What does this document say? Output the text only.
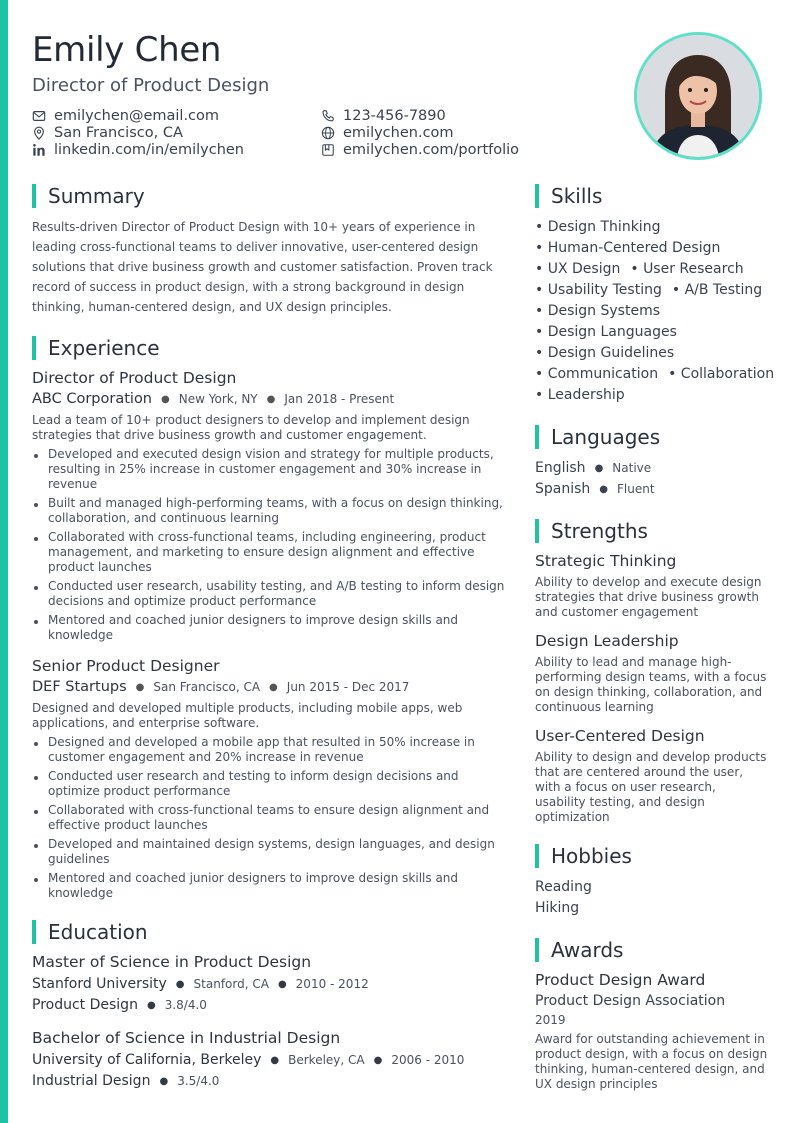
Emily Chen
Director of Product Design
emilychen@email.com	123-456-7890
San Francisco, CA	emilychen.com
linkedin.com/in/emilychen	emilychen.com/portfolio
Summary
Results-driven Director of Product Design with 10+ years of experience in leading cross-functional teams to deliver innovative, user-centered design solutions that drive business growth and customer satisfaction. Proven track record of success in product design, with a strong background in design thinking, human-centered design, and UX design principles.
Experience
Director of Product Design
ABC Corporation ● New York, NY ● Jan 2018 - Present
Lead a team of 10+ product designers to develop and implement design strategies that drive business growth and customer engagement.
Developed and executed design vision and strategy for multiple products, resulting in 25% increase in customer engagement and 30% increase in revenue
Built and managed high-performing teams, with a focus on design thinking, collaboration, and continuous learning
Collaborated with cross-functional teams, including engineering, product management, and marketing to ensure design alignment and effective product launches
Conducted user research, usability testing, and A/B testing to inform design decisions and optimize product performance
Mentored and coached junior designers to improve design skills and knowledge
Senior Product Designer
DEF Startups ● San Francisco, CA ● Jun 2015 - Dec 2017
Designed and developed multiple products, including mobile apps, web applications, and enterprise software.
Designed and developed a mobile app that resulted in 50% increase in customer engagement and 20% increase in revenue
Conducted user research and testing to inform design decisions and optimize product performance
Collaborated with cross-functional teams to ensure design alignment and effective product launches
Developed and maintained design systems, design languages, and design guidelines
Mentored and coached junior designers to improve design skills and knowledge
Education
Master of Science in Product Design
Stanford University ● Stanford, CA ● 2010 - 2012
Product Design ● 3.8/4.0
Bachelor of Science in Industrial Design
University of California, Berkeley ● Berkeley, CA ● 2006 - 2010
Industrial Design ● 3.5/4.0
Skills
• Design Thinking
• Human-Centered Design
• UX Design • User Research
• Usability Testing • A/B Testing
• Design Systems
• Design Languages
• Design Guidelines
• Communication • Collaboration
• Leadership
Languages
English ● Native
Spanish ● Fluent
Strengths
Strategic Thinking
Ability to develop and execute design strategies that drive business growth and customer engagement
Design Leadership
Ability to lead and manage high-performing design teams, with a focus on design thinking, collaboration, and continuous learning
User-Centered Design
Ability to design and develop products that are centered around the user, with a focus on user research, usability testing, and design optimization
Hobbies
Reading
Hiking
Awards
Product Design Award
Product Design Association
2019
Award for outstanding achievement in product design, with a focus on design thinking, human-centered design, and UX design principles
